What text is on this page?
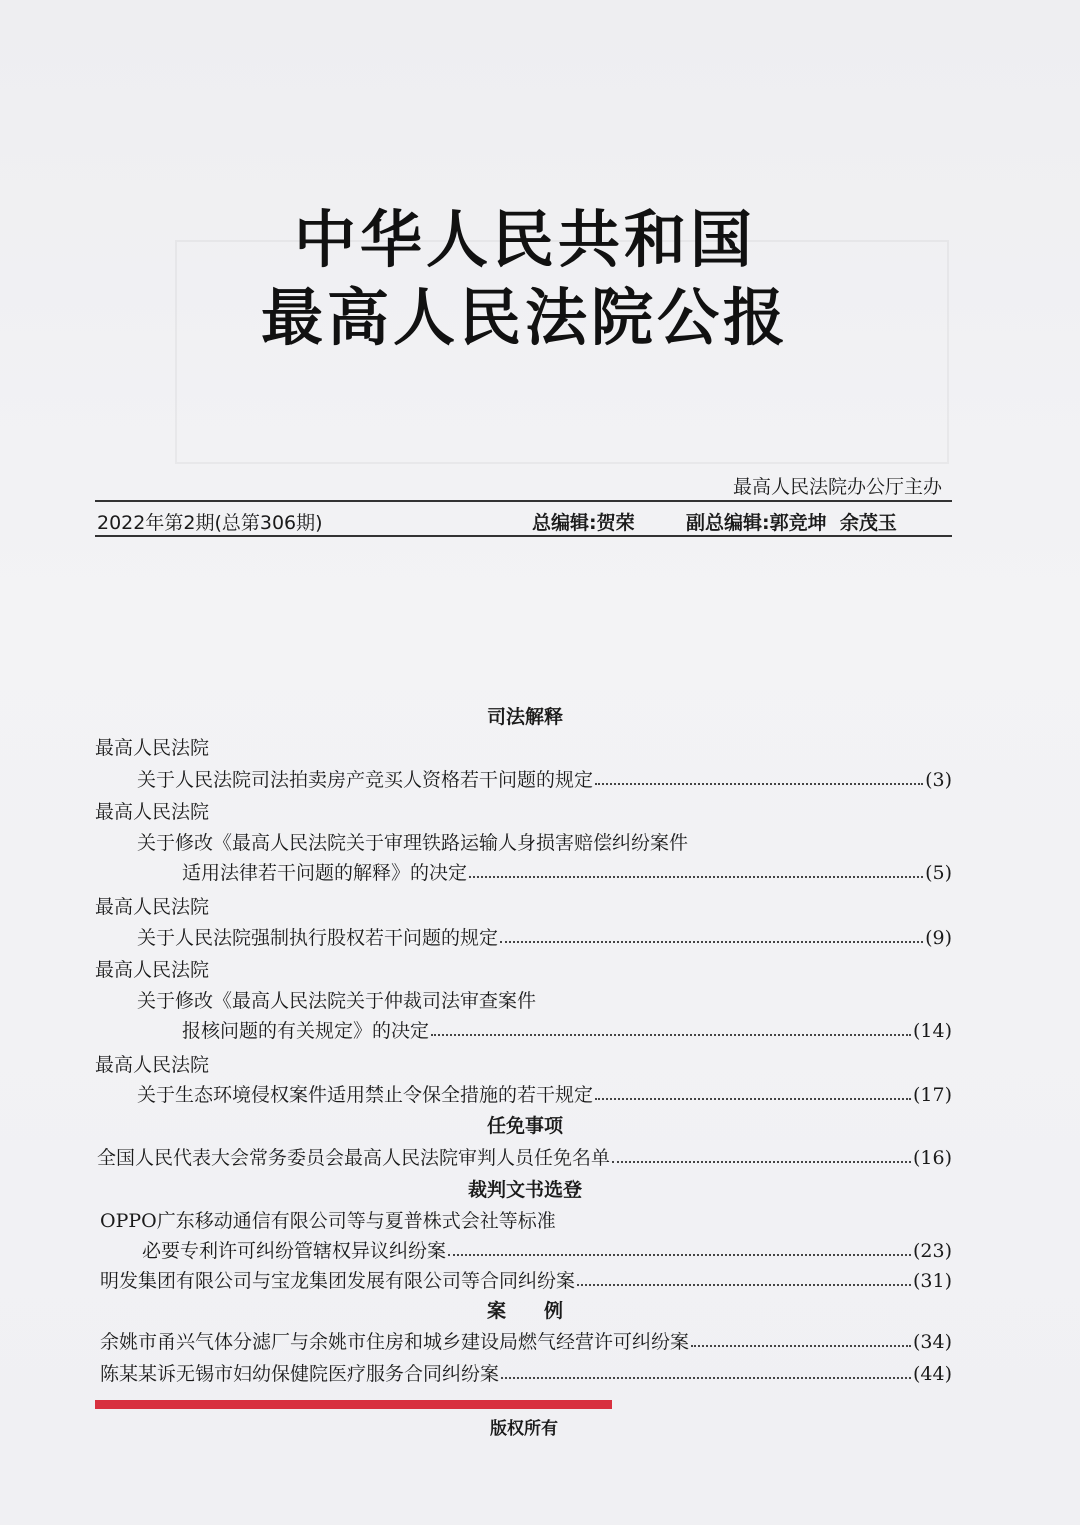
中华人民共和国
最高人民法院公报
最高人民法院办公厅主办
2022年第2期(总第306期)	总编辑:贺荣	副总编辑:郭竞坤  余茂玉
司法解释
最高人民法院
关于人民法院司法拍卖房产竞买人资格若干问题的规定	(3)
最高人民法院
关于修改《最高人民法院关于审理铁路运输人身损害赔偿纠纷案件
适用法律若干问题的解释》的决定	(5)
最高人民法院
关于人民法院强制执行股权若干问题的规定	(9)
最高人民法院
关于修改《最高人民法院关于仲裁司法审查案件
报核问题的有关规定》的决定	(14)
最高人民法院
关于生态环境侵权案件适用禁止令保全措施的若干规定	(17)
任免事项
全国人民代表大会常务委员会最高人民法院审判人员任免名单	(16)
裁判文书选登
OPPO广东移动通信有限公司等与夏普株式会社等标准
必要专利许可纠纷管辖权异议纠纷案	(23)
明发集团有限公司与宝龙集团发展有限公司等合同纠纷案	(31)
案　　例
余姚市甬兴气体分滤厂与余姚市住房和城乡建设局燃气经营许可纠纷案	(34)
陈某某诉无锡市妇幼保健院医疗服务合同纠纷案	(44)
版权所有
